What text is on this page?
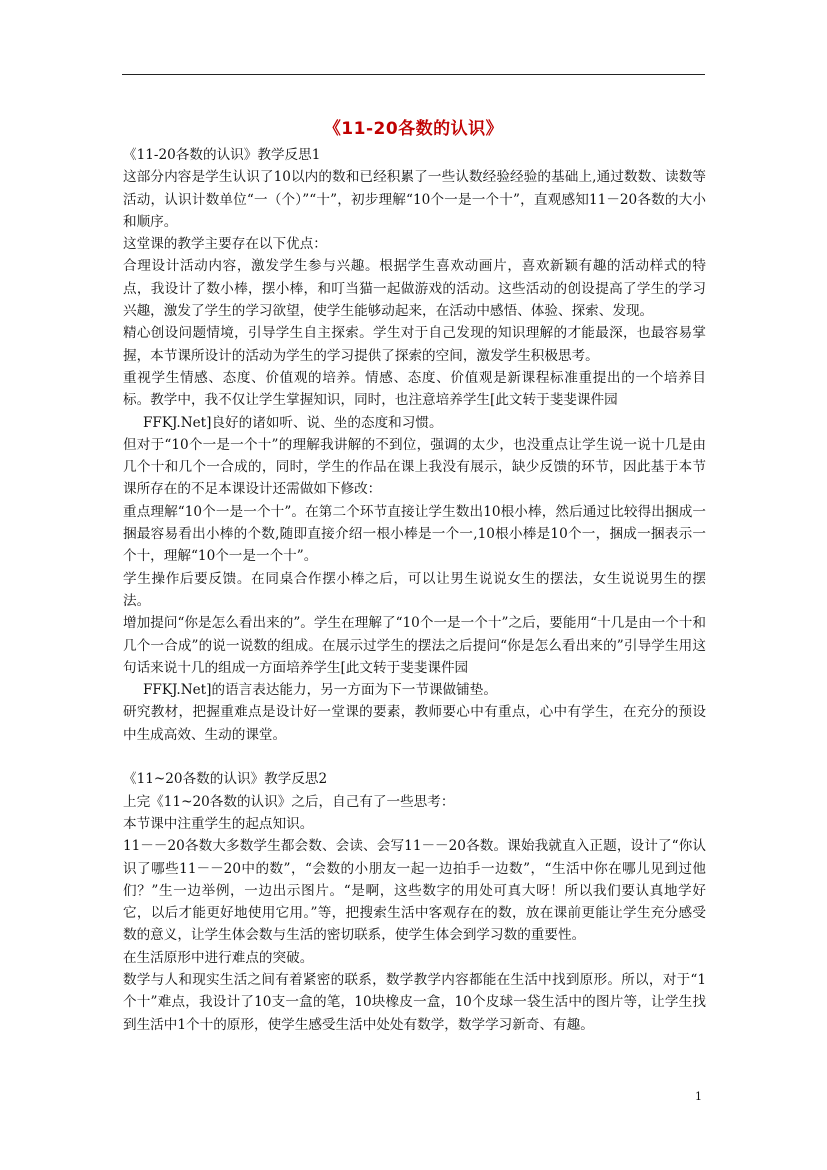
《11-20各数的认识》

《11-20各数的认识》教学反思1

这部分内容是学生认识了10以内的数和已经积累了一些认数经验经验的基础上,通过数数、读数等活动，认识计数单位“一（个）”“十”，初步理解“10个一是一个十”，直观感知11－20各数的大小和顺序。

这堂课的教学主要存在以下优点：

合理设计活动内容，激发学生参与兴趣。根据学生喜欢动画片，喜欢新颖有趣的活动样式的特点，我设计了数小棒，摆小棒，和叮当猫一起做游戏的活动。这些活动的创设提高了学生的学习兴趣，激发了学生的学习欲望，使学生能够动起来，在活动中感悟、体验、探索、发现。

精心创设问题情境，引导学生自主探索。学生对于自己发现的知识理解的才能最深，也最容易掌握，本节课所设计的活动为学生的学习提供了探索的空间，激发学生积极思考。

重视学生情感、态度、价值观的培养。情感、态度、价值观是新课程标准重提出的一个培养目标。教学中，我不仅让学生掌握知识，同时，也注意培养学生[此文转于斐斐课件园

FFKJ.Net]良好的诸如听、说、坐的态度和习惯。

但对于“10个一是一个十”的理解我讲解的不到位，强调的太少，也没重点让学生说一说十几是由几个十和几个一合成的，同时，学生的作品在课上我没有展示，缺少反馈的环节，因此基于本节课所存在的不足本课设计还需做如下修改：

重点理解“10个一是一个十”。在第二个环节直接让学生数出10根小棒，然后通过比较得出捆成一捆最容易看出小棒的个数,随即直接介绍一根小棒是一个一,10根小棒是10个一，捆成一捆表示一个十，理解“10个一是一个十”。

学生操作后要反馈。在同桌合作摆小棒之后，可以让男生说说女生的摆法，女生说说男生的摆法。

增加提问“你是怎么看出来的”。学生在理解了“10个一是一个十”之后，要能用“十几是由一个十和几个一合成”的说一说数的组成。在展示过学生的摆法之后提问“你是怎么看出来的”引导学生用这句话来说十几的组成一方面培养学生[此文转于斐斐课件园

FFKJ.Net]的语言表达能力，另一方面为下一节课做铺垫。

研究教材，把握重难点是设计好一堂课的要素，教师要心中有重点，心中有学生，在充分的预设中生成高效、生动的课堂。

《11~20各数的认识》教学反思2

上完《11~20各数的认识》之后，自己有了一些思考：

本节课中注重学生的起点知识。

11－－20各数大多数学生都会数、会读、会写11－－20各数。课始我就直入正题，设计了“你认识了哪些11－－20中的数”，“会数的小朋友一起一边拍手一边数”，“生活中你在哪儿见到过他们？”生一边举例，一边出示图片。“是啊，这些数字的用处可真大呀！所以我们要认真地学好它，以后才能更好地使用它用。”等，把搜索生活中客观存在的数，放在课前更能让学生充分感受数的意义，让学生体会数与生活的密切联系，使学生体会到学习数的重要性。

在生活原形中进行难点的突破。

数学与人和现实生活之间有着紧密的联系，数学教学内容都能在生活中找到原形。所以，对于“1个十”难点，我设计了10支一盒的笔，10块橡皮一盒，10个皮球一袋生活中的图片等，让学生找到生活中1个十的原形，使学生感受生活中处处有数学，数学学习新奇、有趣。

1
